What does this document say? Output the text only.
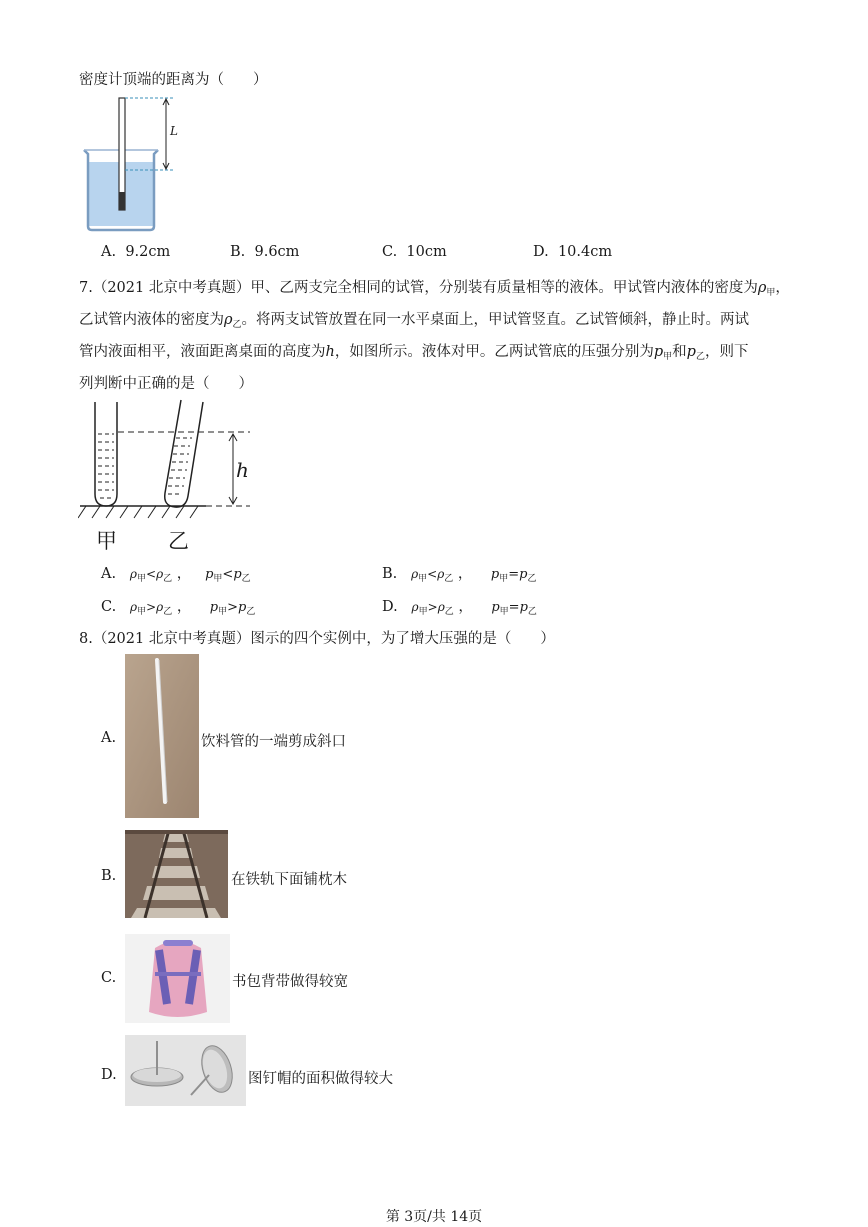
密度计顶端的距离为（　　）
L
A. 9.2cm	B. 9.6cm	C. 10cm	D. 10.4cm
7.（2021 北京中考真题）甲、乙两支完全相同的试管，分别装有质量相等的液体。甲试管内液体的密度为$\rho_甲$，
乙试管内液体的密度为$\rho_乙$。将两支试管放置在同一水平桌面上，甲试管竖直。乙试管倾斜，静止时。两试
管内液面相平，液面距离桌面的高度为h，如图所示。液体对甲。乙两试管底的压强分别为$p_甲$和$p_乙$，则下
列判断中正确的是（　　）
h
甲 乙
A. $\rho_甲<\rho_乙$ ， $p_甲<p_乙$	B. $\rho_甲<\rho_乙$ ， $p_甲=p_乙$
C. $\rho_甲>\rho_乙$ ， $p_甲>p_乙$	D. $\rho_甲>\rho_乙$ ， $p_甲=p_乙$
8.（2021 北京中考真题）图示的四个实例中，为了增大压强的是（　　）
A.	饮料管的一端剪成斜口
B.	在铁轨下面铺枕木
C.	书包背带做得较宽
D.	图钉帽的面积做得较大
第 3页/共 14页
